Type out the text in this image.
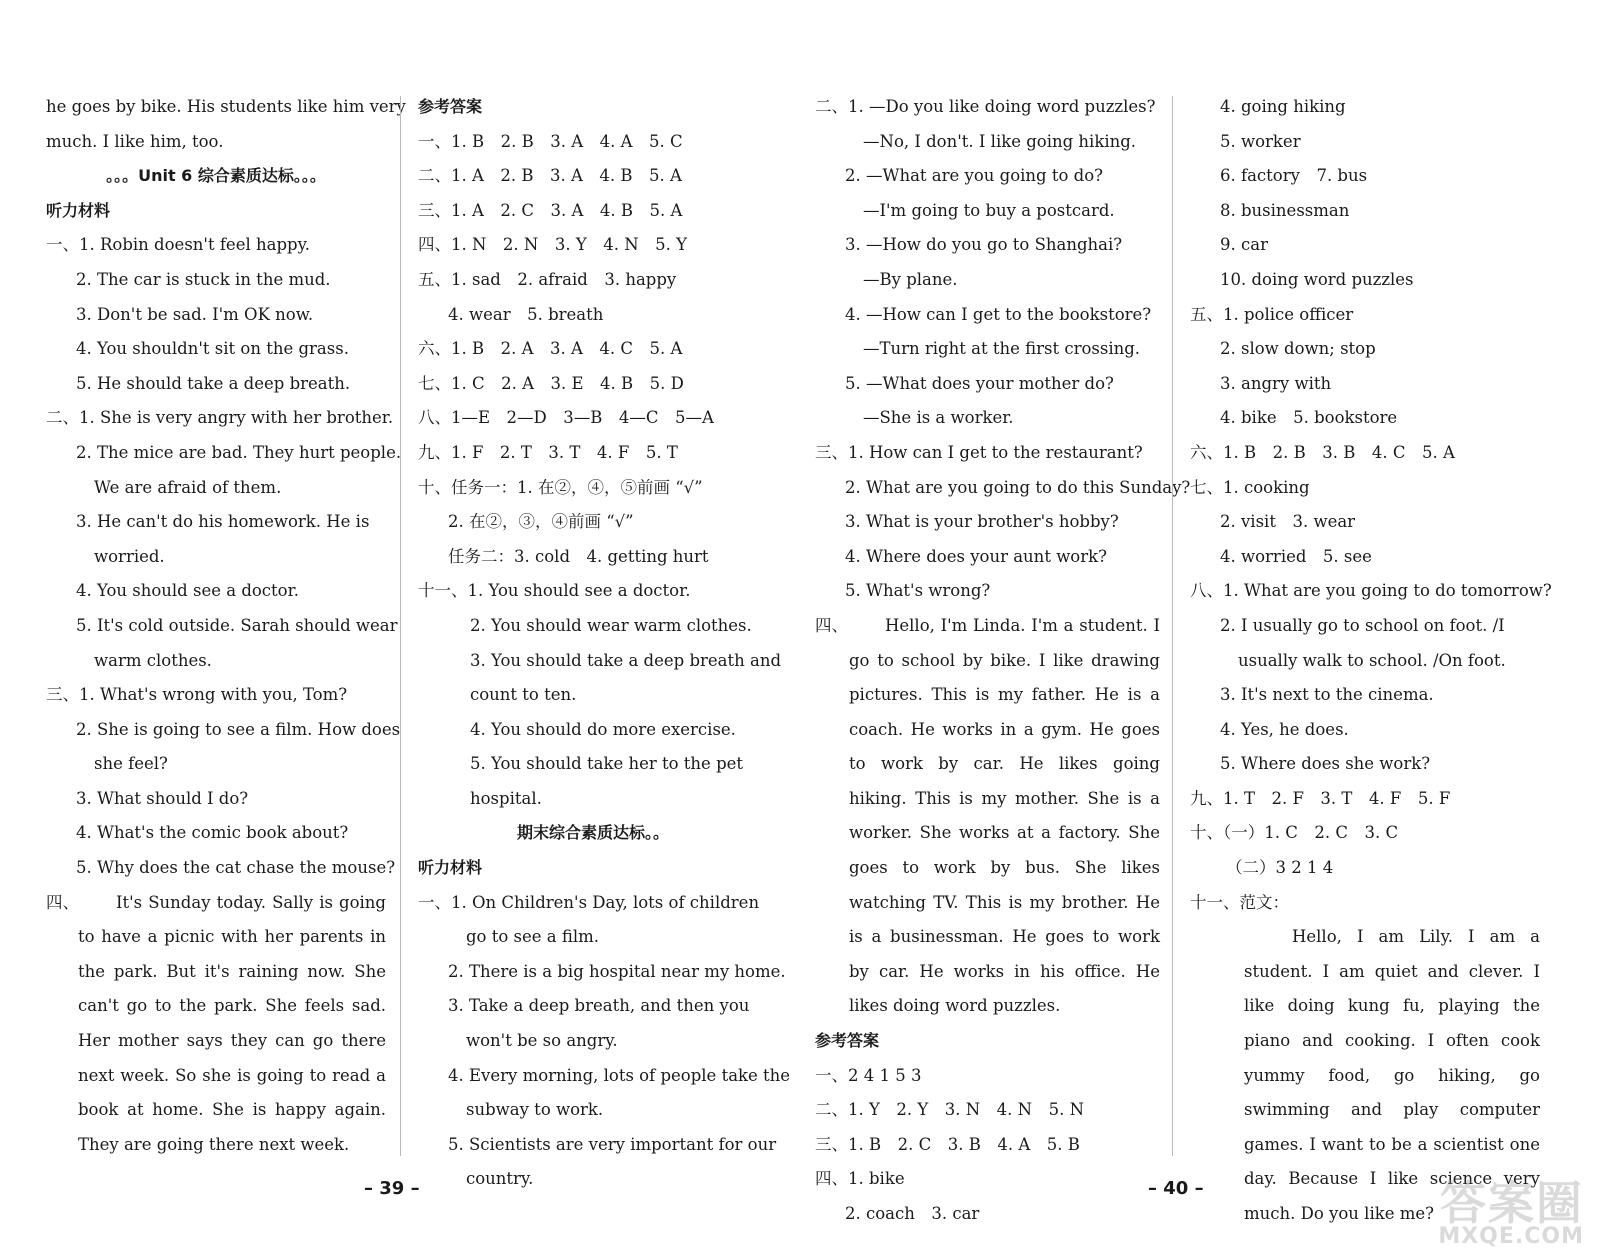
he goes by bike. His students like him very
much. I like him, too.
。。。Unit 6 综合素质达标。。。
听力材料
一、1. Robin doesn't feel happy.
2. The car is stuck in the mud.
3. Don't be sad. I'm OK now.
4. You shouldn't sit on the grass.
5. He should take a deep breath.
二、1. She is very angry with her brother.
2. The mice are bad. They hurt people.
We are afraid of them.
3. He can't do his homework. He is
worried.
4. You should see a doctor.
5. It's cold outside. Sarah should wear
warm clothes.
三、1. What's wrong with you, Tom?
2. She is going to see a film. How does
she feel?
3. What should I do?
4. What's the comic book about?
5. Why does the cat chase the mouse?
四、 It's Sunday today. Sally is going to have a picnic with her parents in the park. But it's raining now. She can't go to the park. She feels sad. Her mother says they can go there next week. So she is going to read a book at home. She is happy again. They are going there next week.
参考答案
一、1. B　2. B　3. A　4. A　5. C
二、1. A　2. B　3. A　4. B　5. A
三、1. A　2. C　3. A　4. B　5. A
四、1. N　2. N　3. Y　4. N　5. Y
五、1. sad　2. afraid　3. happy
4. wear　5. breath
六、1. B　2. A　3. A　4. C　5. A
七、1. C　2. A　3. E　4. B　5. D
八、1—E　2—D　3—B　4—C　5—A
九、1. F　2. T　3. T　4. F　5. T
十、任务一：1. 在②，④，⑤前画 “√”
2. 在②，③，④前画 “√”
任务二：3. cold　4. getting hurt
十一、1. You should see a doctor.
2. You should wear warm clothes.
3. You should take a deep breath and
count to ten.
4. You should do more exercise.
5. You should take her to the pet
hospital.
期末综合素质达标。。
听力材料
一、1. On Children's Day, lots of children
go to see a film.
2. There is a big hospital near my home.
3. Take a deep breath, and then you
won't be so angry.
4. Every morning, lots of people take the
subway to work.
5. Scientists are very important for our
country.
二、1. —Do you like doing word puzzles?
—No, I don't. I like going hiking.
2. —What are you going to do?
—I'm going to buy a postcard.
3. —How do you go to Shanghai?
—By plane.
4. —How can I get to the bookstore?
—Turn right at the first crossing.
5. —What does your mother do?
—She is a worker.
三、1. How can I get to the restaurant?
2. What are you going to do this Sunday?
3. What is your brother's hobby?
4. Where does your aunt work?
5. What's wrong?
四、 Hello, I'm Linda. I'm a student. I go to school by bike. I like drawing pictures. This is my father. He is a coach. He works in a gym. He goes to work by car. He likes going hiking. This is my mother. She is a worker. She works at a factory. She goes to work by bus. She likes watching TV. This is my brother. He is a businessman. He goes to work by car. He works in his office. He likes doing word puzzles.
参考答案
一、2 4 1 5 3
二、1. Y　2. Y　3. N　4. N　5. N
三、1. B　2. C　3. B　4. A　5. B
四、1. bike
2. coach　3. car
4. going hiking
5. worker
6. factory　7. bus
8. businessman
9. car
10. doing word puzzles
五、1. police officer
2. slow down; stop
3. angry with
4. bike　5. bookstore
六、1. B　2. B　3. B　4. C　5. A
七、1. cooking
2. visit　3. wear
4. worried　5. see
八、1. What are you going to do tomorrow?
2. I usually go to school on foot. /I
usually walk to school. /On foot.
3. It's next to the cinema.
4. Yes, he does.
5. Where does she work?
九、1. T　2. F　3. T　4. F　5. F
十、（一）1. C　2. C　3. C
（二）3 2 1 4
十一、范文：
Hello, I am Lily. I am a student. I am quiet and clever. I like doing kung fu, playing the piano and cooking. I often cook yummy food, go hiking, go swimming and play computer games. I want to be a scientist one day. Because I like science very much. Do you like me?
– 39 –	– 40 –	答案圈
MXQE.COM
